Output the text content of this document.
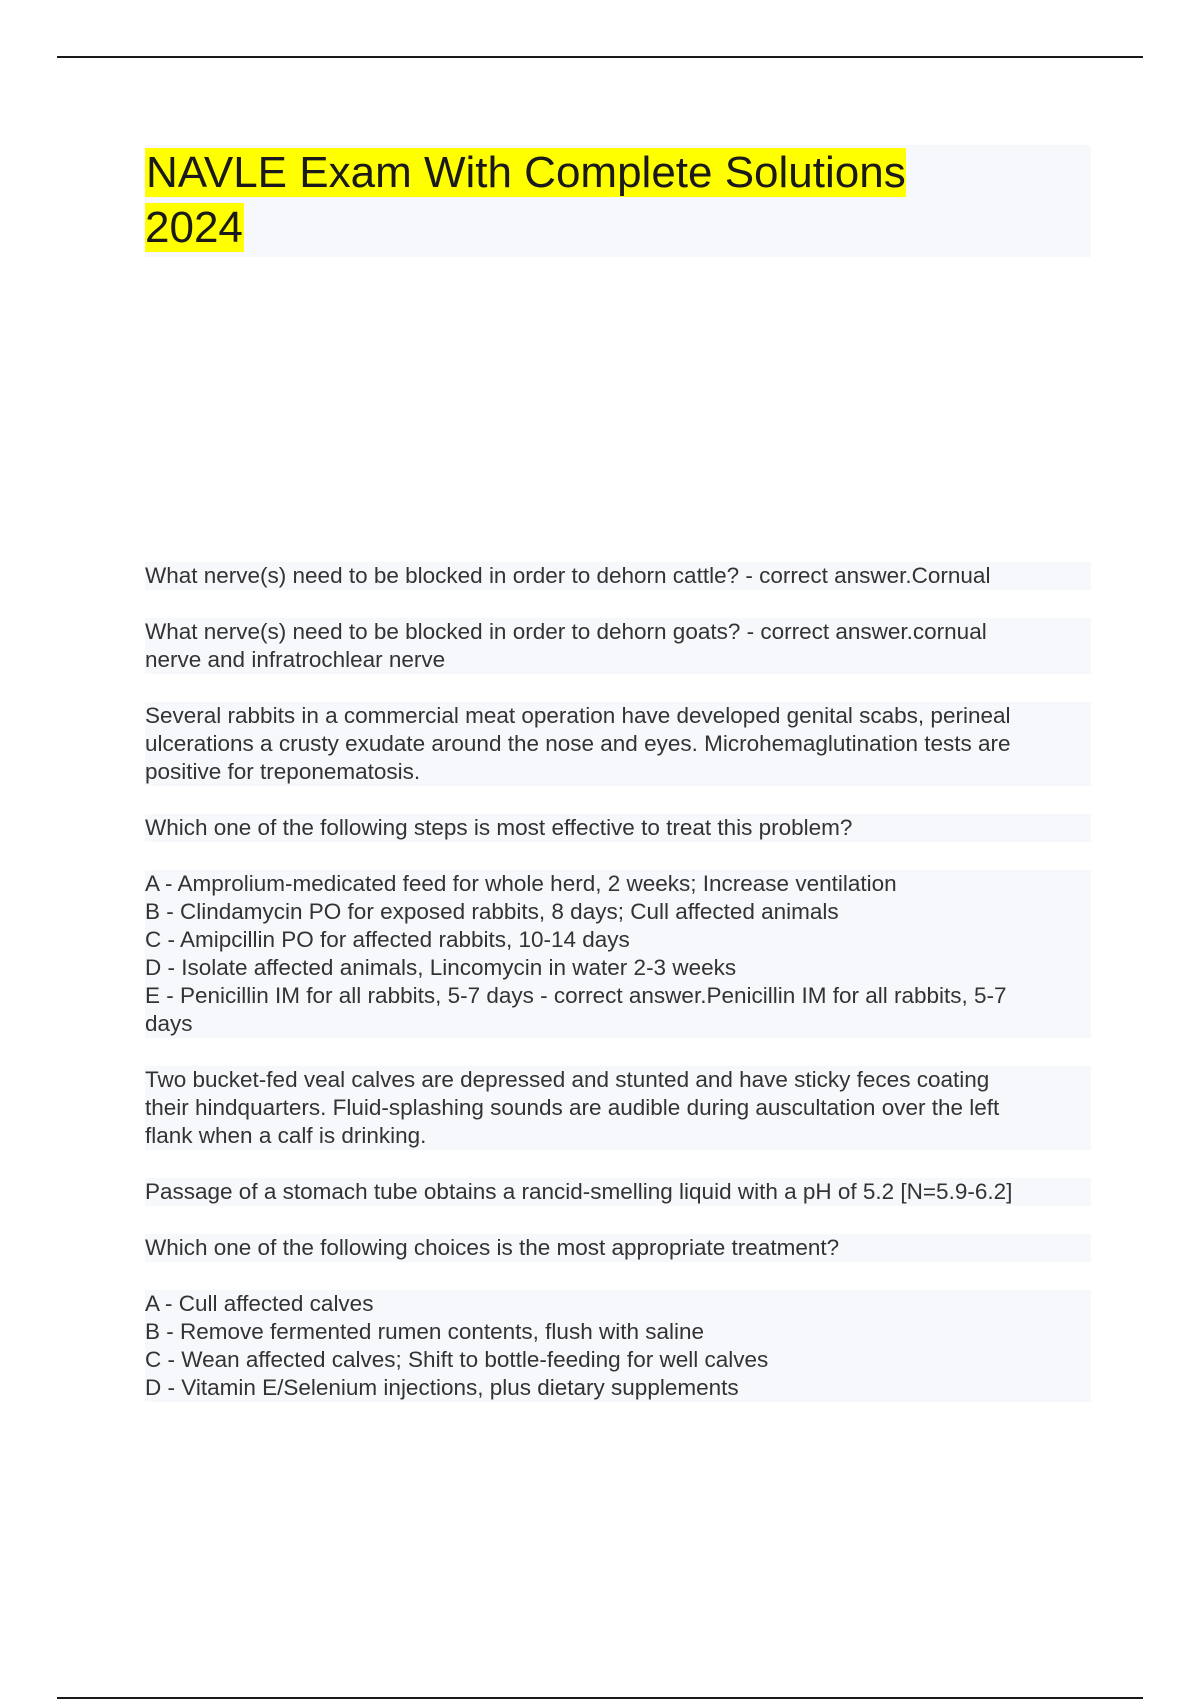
NAVLE Exam With Complete Solutions 2024
What nerve(s) need to be blocked in order to dehorn cattle? - correct answer.Cornual
What nerve(s) need to be blocked in order to dehorn goats? - correct answer.cornual
nerve and infratrochlear nerve
Several rabbits in a commercial meat operation have developed genital scabs, perineal
ulcerations a crusty exudate around the nose and eyes. Microhemaglutination tests are
positive for treponematosis.
Which one of the following steps is most effective to treat this problem?
A - Amprolium-medicated feed for whole herd, 2 weeks; Increase ventilation
B - Clindamycin PO for exposed rabbits, 8 days; Cull affected animals
C - Amipcillin PO for affected rabbits, 10-14 days
D - Isolate affected animals, Lincomycin in water 2-3 weeks
E - Penicillin IM for all rabbits, 5-7 days - correct answer.Penicillin IM for all rabbits, 5-7
days
Two bucket-fed veal calves are depressed and stunted and have sticky feces coating
their hindquarters. Fluid-splashing sounds are audible during auscultation over the left
flank when a calf is drinking.
Passage of a stomach tube obtains a rancid-smelling liquid with a pH of 5.2 [N=5.9-6.2]
Which one of the following choices is the most appropriate treatment?
A - Cull affected calves
B - Remove fermented rumen contents, flush with saline
C - Wean affected calves; Shift to bottle-feeding for well calves
D - Vitamin E/Selenium injections, plus dietary supplements
